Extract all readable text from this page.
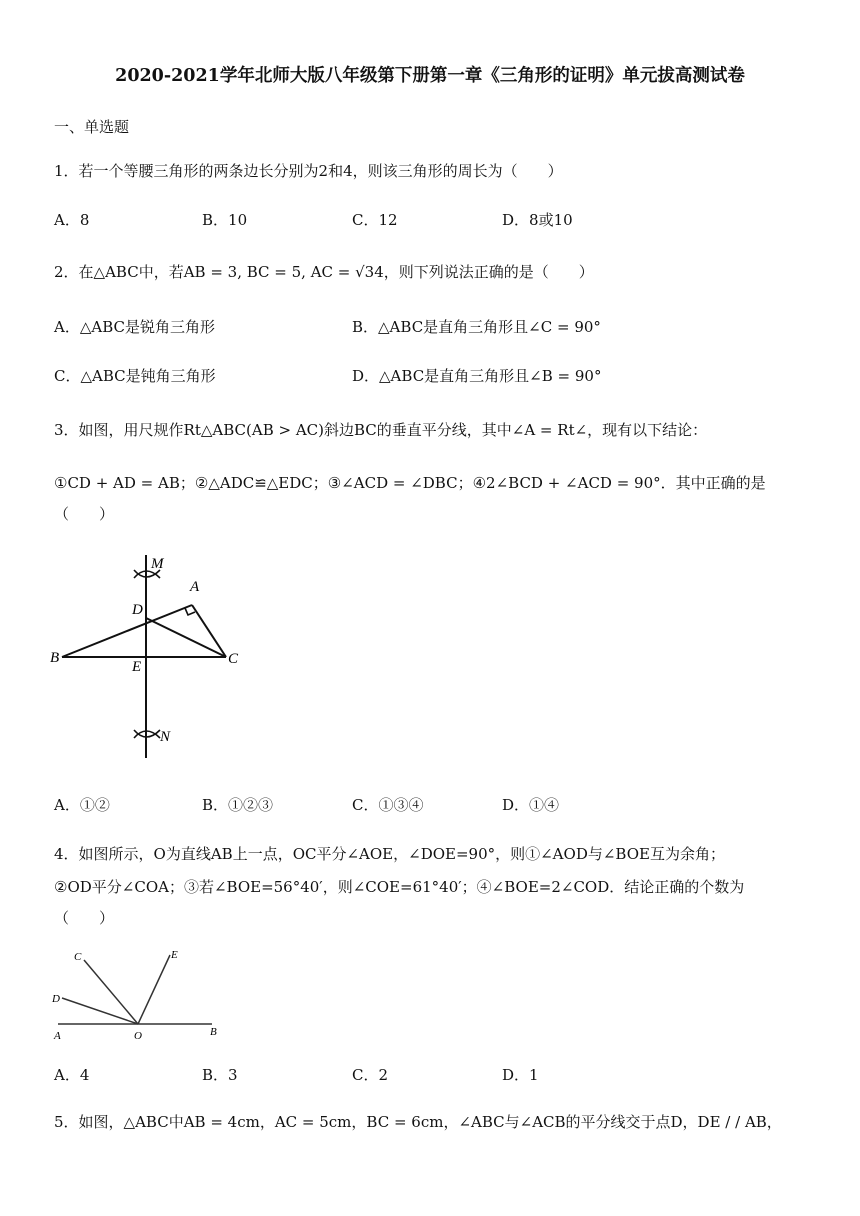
2020-2021学年北师大版八年级第下册第一章《三角形的证明》单元拔高测试卷
一、单选题
1．若一个等腰三角形的两条边长分别为2和4，则该三角形的周长为（　　）
A．8	B．10	C．12	D．8或10
2．在△ABC中，若AB = 3, BC = 5, AC = √34，则下列说法正确的是（　　）
A．△ABC是锐角三角形	B．△ABC是直角三角形且∠C = 90°
C．△ABC是钝角三角形	D．△ABC是直角三角形且∠B = 90°
3．如图，用尺规作Rt△ABC(AB > AC)斜边BC的垂直平分线，其中∠A = Rt∠，现有以下结论：
①CD + AD = AB；②△ADC≌△EDC；③∠ACD = ∠DBC；④2∠BCD + ∠ACD = 90°．其中正确的是
（　　）
M
A
D
B
E	C
N
A．①②	B．①②③	C．①③④	D．①④
4．如图所示，O为直线AB上一点，OC平分∠AOE，∠DOE=90°，则①∠AOD与∠BOE互为余角；
②OD平分∠COA；③若∠BOE=56°40′，则∠COE=61°40′；④∠BOE=2∠COD．结论正确的个数为
（　　）
C	E
D
A	O	B
A．4	B．3	C．2	D．1
5．如图，△ABC中AB = 4cm，AC = 5cm，BC = 6cm，∠ABC与∠ACB的平分线交于点D，DE / / AB，
